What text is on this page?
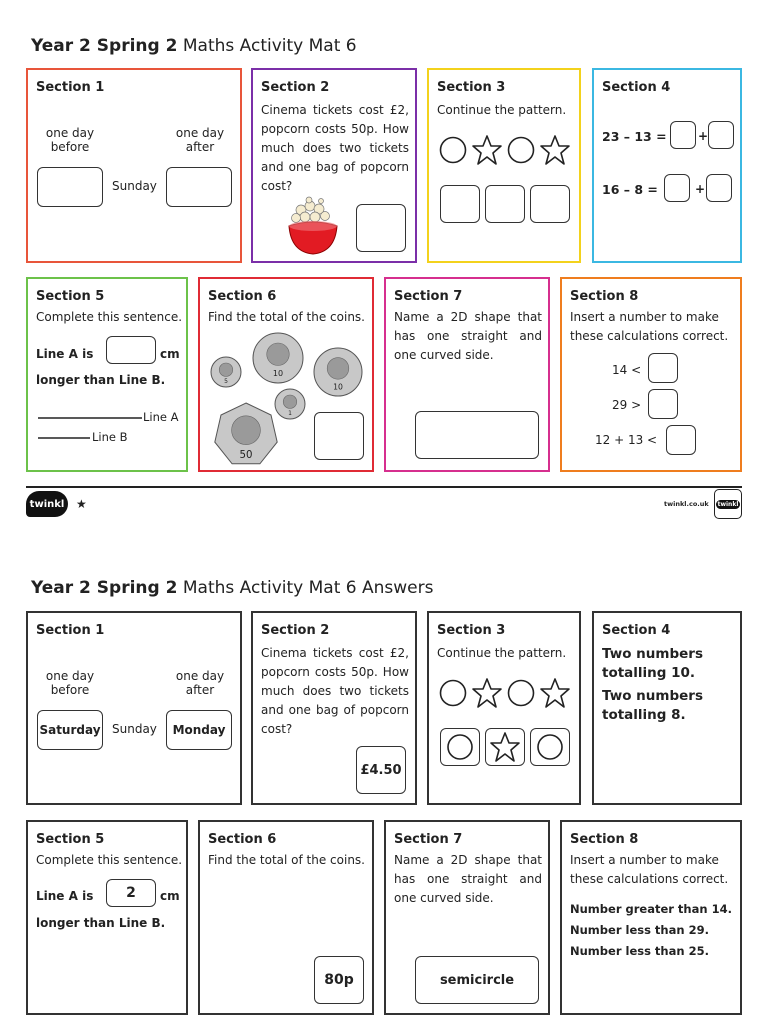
Year 2 Spring 2 Maths Activity Mat 6
Section 1
one day
before
one day
after
Sunday
Section 2
Cinema tickets cost £2, popcorn costs 50p. How much does two tickets and one bag of popcorn cost?
Section 3
Continue the pattern.
Section 4
23 – 13 =	+
16 – 8 =	+
Section 5
Complete this sentence.
Line A is	cm
longer than Line B.
Line A
Line B
Section 6
Find the total of the coins.
5
10
10
1
50
Section 7
Name a 2D shape that has one straight and one curved side.
Section 8
Insert a number to make these calculations correct.
14 <
29 >
12 + 13 <
twinkl ★	twinkl.co.uk	twinkl
Year 2 Spring 2 Maths Activity Mat 6 Answers
Section 1
one day
before
one day
after
Saturday Sunday	Monday
Section 2
Cinema tickets cost £2, popcorn costs 50p. How much does two tickets and one bag of popcorn cost?
£4.50
Section 3
Continue the pattern.
Section 4
Two numbers totalling 10.
Two numbers totalling 8.
Section 5
Complete this sentence.
Line A is	2	cm
longer than Line B.
Section 6
Find the total of the coins.
80p
Section 7
Name a 2D shape that has one straight and one curved side.
semicircle
Section 8
Insert a number to make these calculations correct.
Number greater than 14.
Number less than 29.
Number less than 25.
